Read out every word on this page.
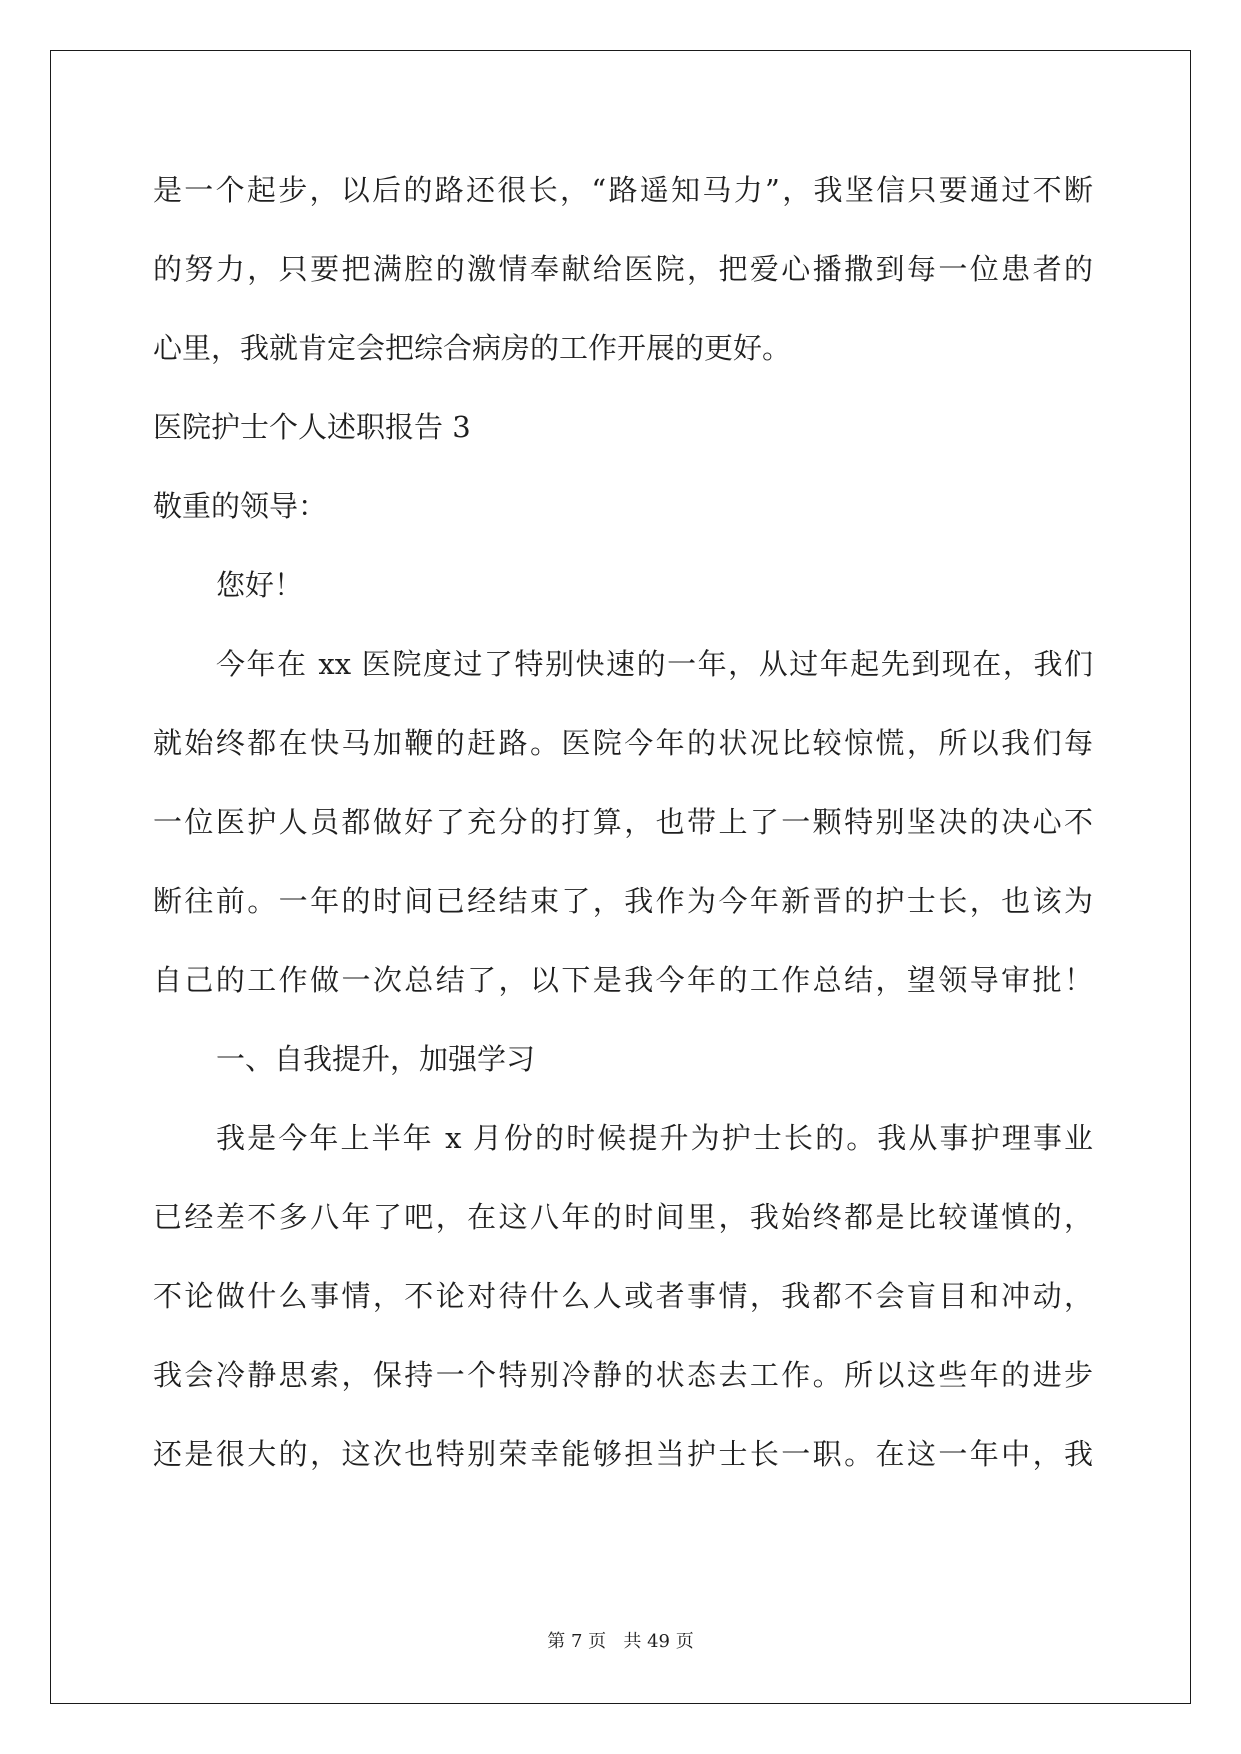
是一个起步，以后的路还很长，“路遥知马力”，我坚信只要通过不断
的努力，只要把满腔的激情奉献给医院，把爱心播撒到每一位患者的
心里，我就肯定会把综合病房的工作开展的更好。
医院护士个人述职报告 3
敬重的领导：
您好！
今年在 xx 医院度过了特别快速的一年，从过年起先到现在，我们
就始终都在快马加鞭的赶路。医院今年的状况比较惊慌，所以我们每
一位医护人员都做好了充分的打算，也带上了一颗特别坚决的决心不
断往前。一年的时间已经结束了，我作为今年新晋的护士长，也该为
自己的工作做一次总结了，以下是我今年的工作总结，望领导审批！
一、自我提升，加强学习
我是今年上半年 x 月份的时候提升为护士长的。我从事护理事业
已经差不多八年了吧，在这八年的时间里，我始终都是比较谨慎的，
不论做什么事情，不论对待什么人或者事情，我都不会盲目和冲动，
我会冷静思索，保持一个特别冷静的状态去工作。所以这些年的进步
还是很大的，这次也特别荣幸能够担当护士长一职。在这一年中，我
第 7 页   共 49 页
